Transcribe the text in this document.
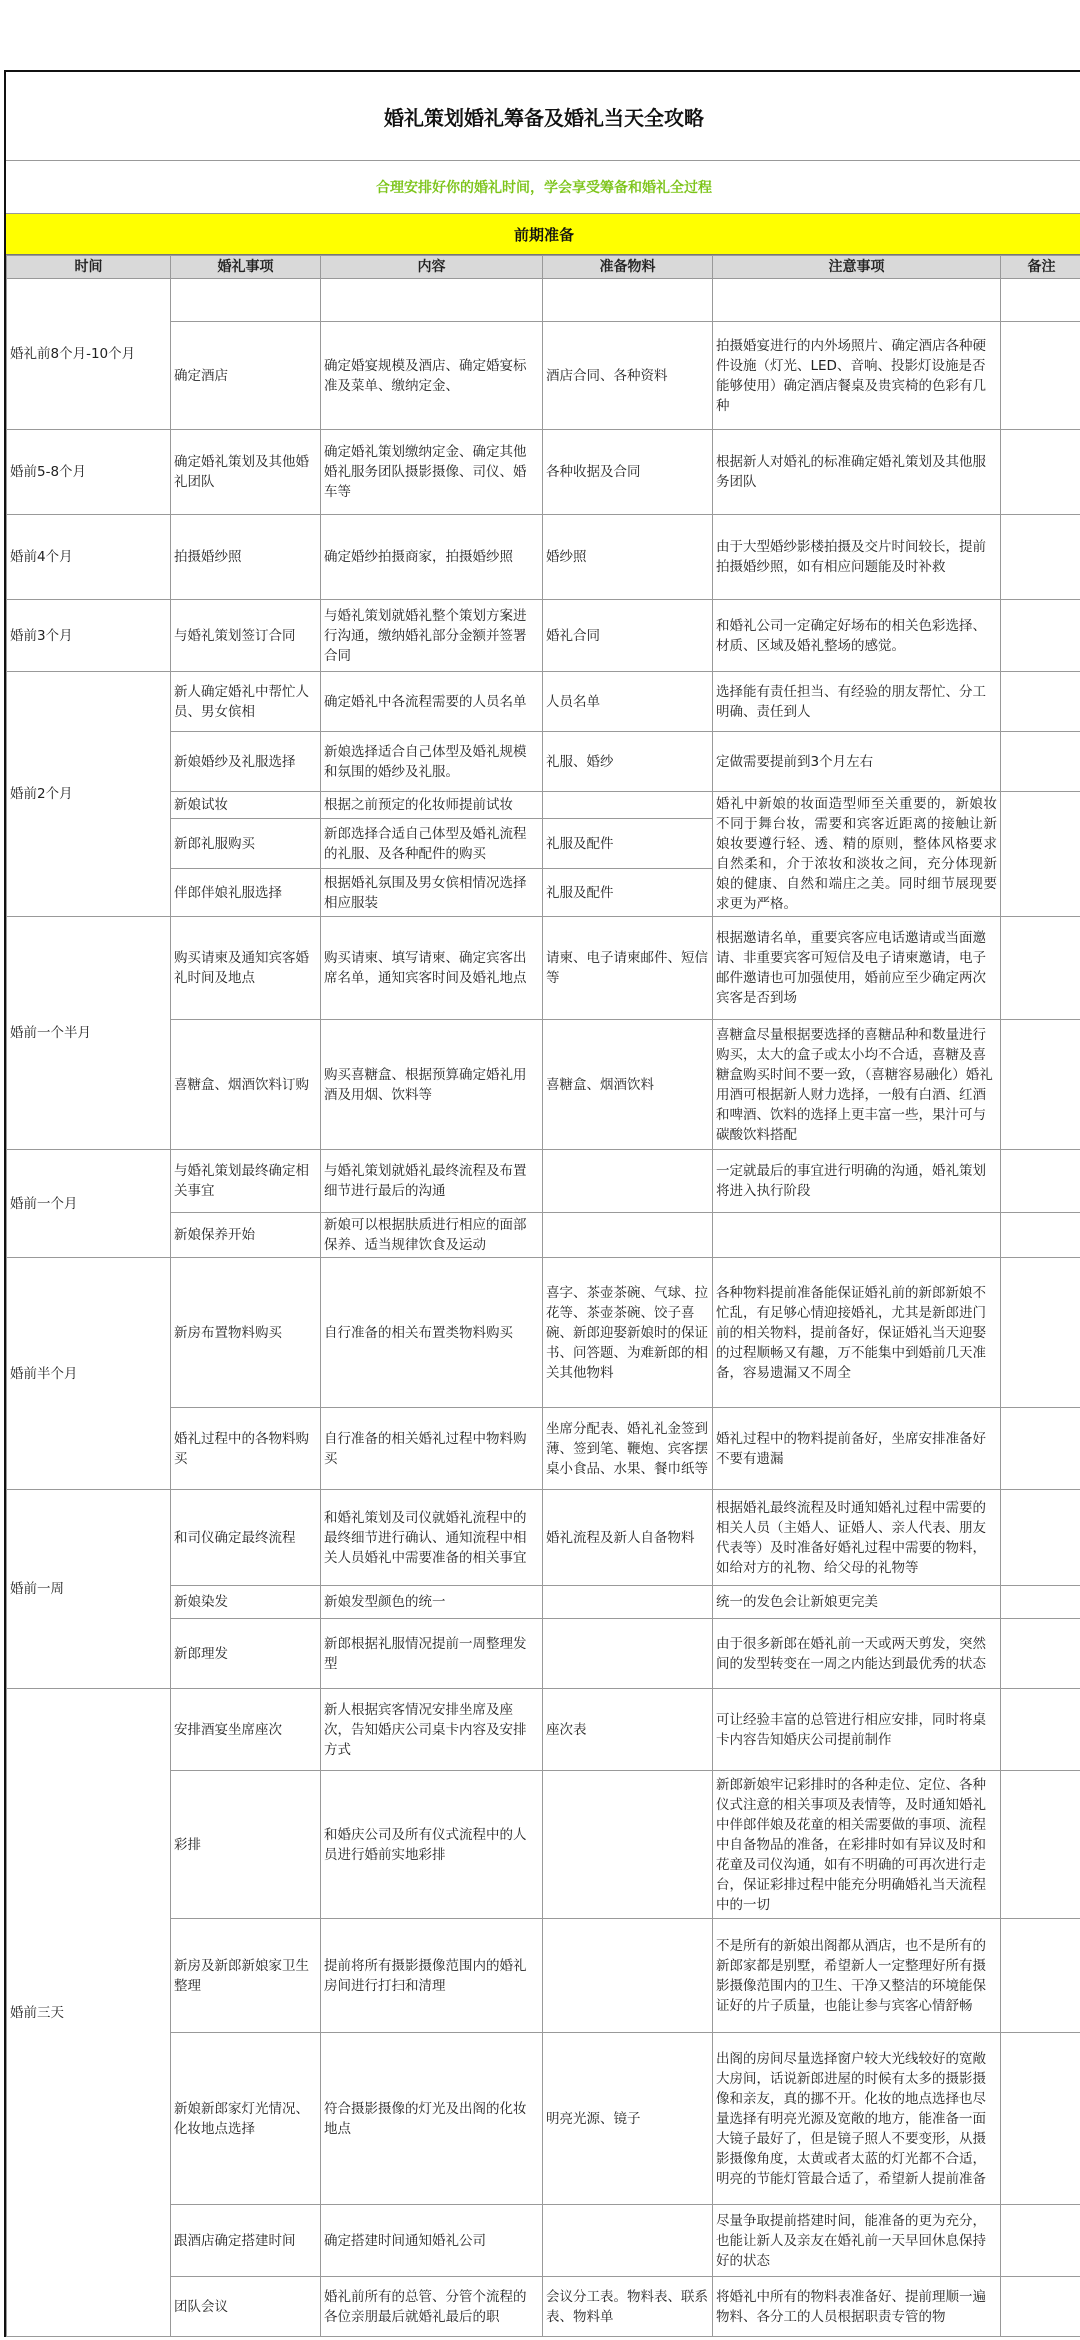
婚礼策划婚礼筹备及婚礼当天全攻略
合理安排好你的婚礼时间，学会享受筹备和婚礼全过程
前期准备
时间	婚礼事项	内容	准备物料	注意事项	备注
婚礼前8个月-10个月					
	确定酒店	确定婚宴规模及酒店、确定婚宴标准及菜单、缴纳定金、	酒店合同、各种资料	拍摄婚宴进行的内外场照片、确定酒店各种硬件设施（灯光、LED、音响、投影灯设施是否能够使用）确定酒店餐桌及贵宾椅的色彩有几种	
婚前5-8个月	确定婚礼策划及其他婚礼团队	确定婚礼策划缴纳定金、确定其他婚礼服务团队摄影摄像、司仪、婚车等	各种收据及合同	根据新人对婚礼的标准确定婚礼策划及其他服务团队	
婚前4个月	拍摄婚纱照	确定婚纱拍摄商家，拍摄婚纱照	婚纱照	由于大型婚纱影楼拍摄及交片时间较长，提前拍摄婚纱照，如有相应问题能及时补救	
婚前3个月	与婚礼策划签订合同	与婚礼策划就婚礼整个策划方案进行沟通，缴纳婚礼部分金额并签署合同	婚礼合同	和婚礼公司一定确定好场布的相关色彩选择、材质、区域及婚礼整场的感觉。	
婚前2个月	新人确定婚礼中帮忙人员、男女傧相	确定婚礼中各流程需要的人员名单	人员名单	选择能有责任担当、有经验的朋友帮忙、分工明确、责任到人	
	新娘婚纱及礼服选择	新娘选择适合自己体型及婚礼规模和氛围的婚纱及礼服。	礼服、婚纱	定做需要提前到3个月左右	
	新娘试妆	根据之前预定的化妆师提前试妆		婚礼中新娘的妆面造型师至关重要的，新娘妆不同于舞台妆，需要和宾客近距离的接触让新娘妆要遵行轻、透、精的原则，整体风格要求自然柔和，介于浓妆和淡妆之间，充分体现新娘的健康、自然和端庄之美。同时细节展现要求更为严格。	
	新郎礼服购买	新郎选择合适自己体型及婚礼流程的礼服、及各种配件的购买	礼服及配件		
	伴郎伴娘礼服选择	根据婚礼氛围及男女傧相情况选择相应服装	礼服及配件		
婚前一个半月	购买请柬及通知宾客婚礼时间及地点	购买请柬、填写请柬、确定宾客出席名单，通知宾客时间及婚礼地点	请柬、电子请柬邮件、短信等	根据邀请名单，重要宾客应电话邀请或当面邀请、非重要宾客可短信及电子请柬邀请，电子邮件邀请也可加强使用，婚前应至少确定两次宾客是否到场	
	喜糖盒、烟酒饮料订购	购买喜糖盒、根据预算确定婚礼用酒及用烟、饮料等	喜糖盒、烟酒饮料	喜糖盒尽量根据要选择的喜糖品种和数量进行购买，太大的盒子或太小均不合适，喜糖及喜糖盒购买时间不要一致，（喜糖容易融化）婚礼用酒可根据新人财力选择，一般有白酒、红酒和啤酒、饮料的选择上更丰富一些，果汁可与碳酸饮料搭配	
婚前一个月	与婚礼策划最终确定相关事宜	与婚礼策划就婚礼最终流程及布置细节进行最后的沟通		一定就最后的事宜进行明确的沟通，婚礼策划将进入执行阶段	
	新娘保养开始	新娘可以根据肤质进行相应的面部保养、适当规律饮食及运动			
婚前半个月	新房布置物料购买	自行准备的相关布置类物料购买	喜字、茶壶茶碗、气球、拉花等、茶壶茶碗、饺子喜碗、新郎迎娶新娘时的保证书、问答题、为难新郎的相关其他物料	各种物料提前准备能保证婚礼前的新郎新娘不忙乱，有足够心情迎接婚礼，尤其是新郎进门前的相关物料，提前备好，保证婚礼当天迎娶的过程顺畅又有趣，万不能集中到婚前几天准备，容易遗漏又不周全	
	婚礼过程中的各物料购买	自行准备的相关婚礼过程中物料购买	坐席分配表、婚礼礼金签到薄、签到笔、鞭炮、宾客摆桌小食品、水果、餐巾纸等	婚礼过程中的物料提前备好，坐席安排准备好不要有遗漏	
婚前一周	和司仪确定最终流程	和婚礼策划及司仪就婚礼流程中的最终细节进行确认、通知流程中相关人员婚礼中需要准备的相关事宜	婚礼流程及新人自备物料	根据婚礼最终流程及时通知婚礼过程中需要的相关人员（主婚人、证婚人、亲人代表、朋友代表等）及时准备好婚礼过程中需要的物料，如给对方的礼物、给父母的礼物等	
	新娘染发	新娘发型颜色的统一		统一的发色会让新娘更完美	
	新郎理发	新郎根据礼服情况提前一周整理发型		由于很多新郎在婚礼前一天或两天剪发，突然间的发型转变在一周之内能达到最优秀的状态	
婚前三天	安排酒宴坐席座次	新人根据宾客情况安排坐席及座次，告知婚庆公司桌卡内容及安排方式	座次表	可让经验丰富的总管进行相应安排，同时将桌卡内容告知婚庆公司提前制作	
	彩排	和婚庆公司及所有仪式流程中的人员进行婚前实地彩排		新郎新娘牢记彩排时的各种走位、定位、各种仪式注意的相关事项及表情等，及时通知婚礼中伴郎伴娘及花童的相关需要做的事项、流程中自备物品的准备，在彩排时如有异议及时和花童及司仪沟通，如有不明确的可再次进行走台，保证彩排过程中能充分明确婚礼当天流程中的一切	
	新房及新郎新娘家卫生整理	提前将所有摄影摄像范围内的婚礼房间进行打扫和清理		不是所有的新娘出阁都从酒店，也不是所有的新郎家都是别墅，希望新人一定整理好所有摄影摄像范围内的卫生、干净又整洁的环境能保证好的片子质量，也能让参与宾客心情舒畅	
	新娘新郎家灯光情况、化妆地点选择	符合摄影摄像的灯光及出阁的化妆地点	明亮光源、镜子	出阁的房间尽量选择窗户较大光线较好的宽敞大房间，话说新郎进屋的时候有太多的摄影摄像和亲友，真的挪不开。化妆的地点选择也尽量选择有明亮光源及宽敞的地方，能准备一面大镜子最好了，但是镜子照人不要变形，从摄影摄像角度，太黄或者太蓝的灯光都不合适，明亮的节能灯管最合适了，希望新人提前准备	
	跟酒店确定搭建时间	确定搭建时间通知婚礼公司		尽量争取提前搭建时间，能准备的更为充分，也能让新人及亲友在婚礼前一天早回休息保持好的状态	
	团队会议	婚礼前所有的总管、分管个流程的各位亲朋最后就婚礼最后的职	会议分工表。物料表、联系表、物料单	将婚礼中所有的物料表准备好、提前理顺一遍物料、各分工的人员根据职责专管的物	
